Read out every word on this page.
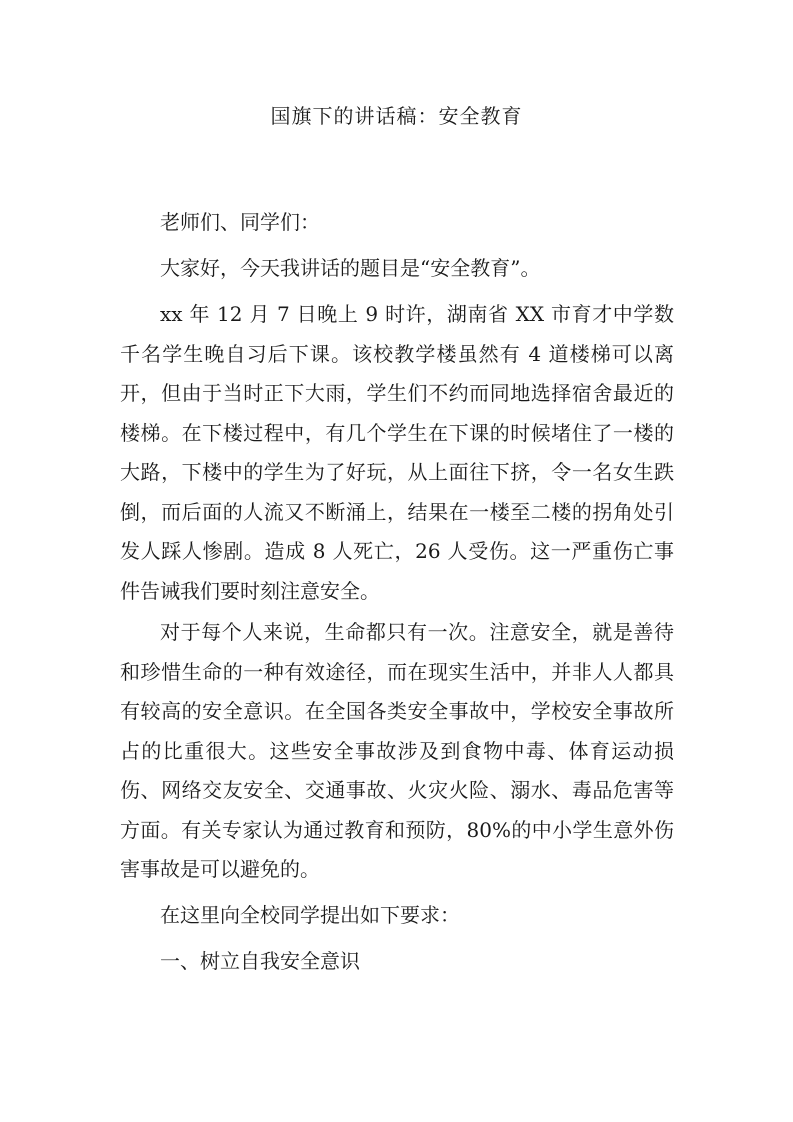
国旗下的讲话稿：安全教育

老师们、同学们：

大家好，今天我讲话的题目是“安全教育”。

xx 年 12 月 7 日晚上 9 时许，湖南省 XX 市育才中学数千名学生晚自习后下课。该校教学楼虽然有 4 道楼梯可以离开，但由于当时正下大雨，学生们不约而同地选择宿舍最近的楼梯。在下楼过程中，有几个学生在下课的时候堵住了一楼的大路，下楼中的学生为了好玩，从上面往下挤，令一名女生跌倒，而后面的人流又不断涌上，结果在一楼至二楼的拐角处引发人踩人惨剧。造成 8 人死亡，26 人受伤。这一严重伤亡事件告诫我们要时刻注意安全。

对于每个人来说，生命都只有一次。注意安全，就是善待和珍惜生命的一种有效途径，而在现实生活中，并非人人都具有较高的安全意识。在全国各类安全事故中，学校安全事故所占的比重很大。这些安全事故涉及到食物中毒、体育运动损伤、网络交友安全、交通事故、火灾火险、溺水、毒品危害等方面。有关专家认为通过教育和预防，80%的中小学生意外伤害事故是可以避免的。

在这里向全校同学提出如下要求：

一、树立自我安全意识
